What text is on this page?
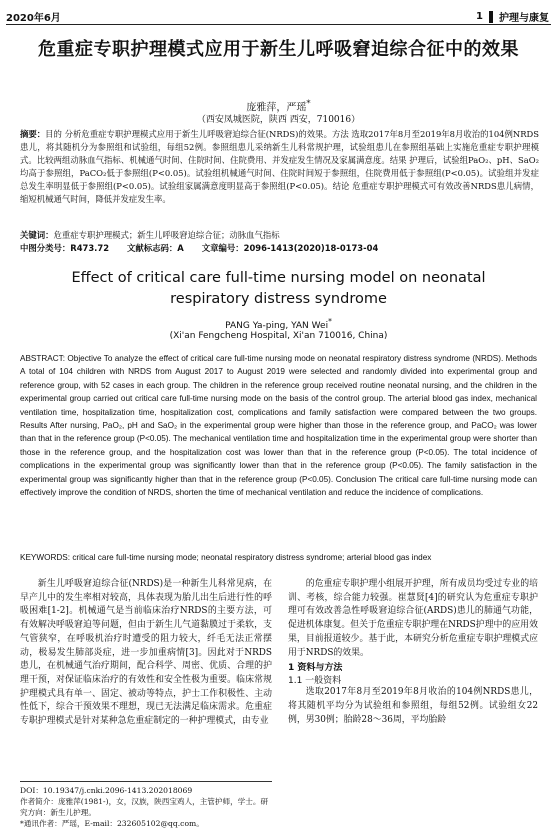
2020年6月	1 护理与康复
危重症专职护理模式应用于新生儿呼吸窘迫综合征中的效果
庞雅萍，严瑶*
（西安凤城医院，陕西 西安，710016）
摘要：目的 分析危重症专职护理模式应用于新生儿呼吸窘迫综合征(NRDS)的效果。方法 选取2017年8月至2019年8月收治的104例NRDS患儿，将其随机分为参照组和试验组，每组52例。参照组患儿采纳新生儿科常规护理，试验组患儿在参照组基础上实施危重症专职护理模式。比较两组动脉血气指标、机械通气时间、住院时间、住院费用、并发症发生情况及家属满意度。结果 护理后，试验组PaO₂、pH、SaO₂均高于参照组，PaCO₂低于参照组(P<0.05)。试验组机械通气时间、住院时间短于参照组，住院费用低于参照组(P<0.05)。试验组并发症总发生率明显低于参照组(P<0.05)。试验组家属满意度明显高于参照组(P<0.05)。结论 危重症专职护理模式可有效改善NRDS患儿病情，缩短机械通气时间，降低并发症发生率。
关键词：危重症专职护理模式；新生儿呼吸窘迫综合征；动脉血气指标
中图分类号：R473.72 文献标志码：A 文章编号：2096-1413(2020)18-0173-04
Effect of critical care full-time nursing model on neonatal respiratory distress syndrome
PANG Ya-ping, YAN Wei*
(Xi'an Fengcheng Hospital, Xi'an 710016, China)
ABSTRACT: Objective To analyze the effect of critical care full-time nursing mode on neonatal respiratory distress syndrome (NRDS). Methods A total of 104 children with NRDS from August 2017 to August 2019 were selected and randomly divided into experimental group and reference group, with 52 cases in each group. The children in the reference group received routine neonatal nursing, and the children in the experimental group carried out critical care full-time nursing mode on the basis of the control group. The arterial blood gas index, mechanical ventilation time, hospitalization time, hospitalization cost, complications and family satisfaction were compared between the two groups. Results After nursing, PaO₂, pH and SaO₂ in the experimental group were higher than those in the reference group, and PaCO₂ was lower than that in the reference group (P<0.05). The mechanical ventilation time and hospitalization time in the experimental group were shorter than those in the reference group, and the hospitalization cost was lower than that in the reference group (P<0.05). The total incidence of complications in the experimental group was significantly lower than that in the reference group (P<0.05). The family satisfaction in the experimental group was significantly higher than that in the reference group (P<0.05). Conclusion The critical care full-time nursing mode can effectively improve the condition of NRDS, shorten the time of mechanical ventilation and reduce the incidence of complications.
KEYWORDS: critical care full-time nursing mode; neonatal respiratory distress syndrome; arterial blood gas index
新生儿呼吸窘迫综合征(NRDS)是一种新生儿科常见病，在早产儿中的发生率相对较高，具体表现为胎儿出生后进行性的呼吸困难[1-2]。机械通气是当前临床治疗NRDS的主要方法，可有效解决呼吸窘迫等问题，但由于新生儿气道黏膜过于柔软，支气管狭窄，在呼吸机治疗时遭受的阻力较大，纤毛无法正常摆动，极易发生肺部炎症，进一步加重病情[3]。因此对于NRDS患儿，在机械通气治疗期间，配合科学、周密、优质、合理的护理干预，对保证临床治疗的有效性和安全性极为重要。临床常规护理模式具有单一、固定、被动等特点，护士工作积极性、主动性低下，综合干预效果不理想，现已无法满足临床需求。危重症专职护理模式是针对某种急危重症制定的一种护理模式，由专业

的危重症专职护理小组展开护理，所有成员均受过专业的培训、考核，综合能力较强。崔慧贤[4]的研究认为危重症专职护理可有效改善急性呼吸窘迫综合征(ARDS)患儿的肺通气功能，促进机体康复。但关于危重症专职护理在NRDS护理中的应用效果，目前报道较少。基于此，本研究分析危重症专职护理模式应用于NRDS的效果。

1 资料与方法

1.1 一般资料

选取2017年8月至2019年8月收治的104例NRDS患儿，将其随机平均分为试验组和参照组，每组52例。试验组女22例，男30例；胎龄28～36周，平均胎龄

DOI：10.19347/j.cnki.2096-1413.202018069
作者简介：庞雅萍(1981-)，女，汉族，陕西宝鸡人，主管护师，学士。研究方向：新生儿护理。
*通讯作者：严瑶，E-mail：232605102@qq.com。
